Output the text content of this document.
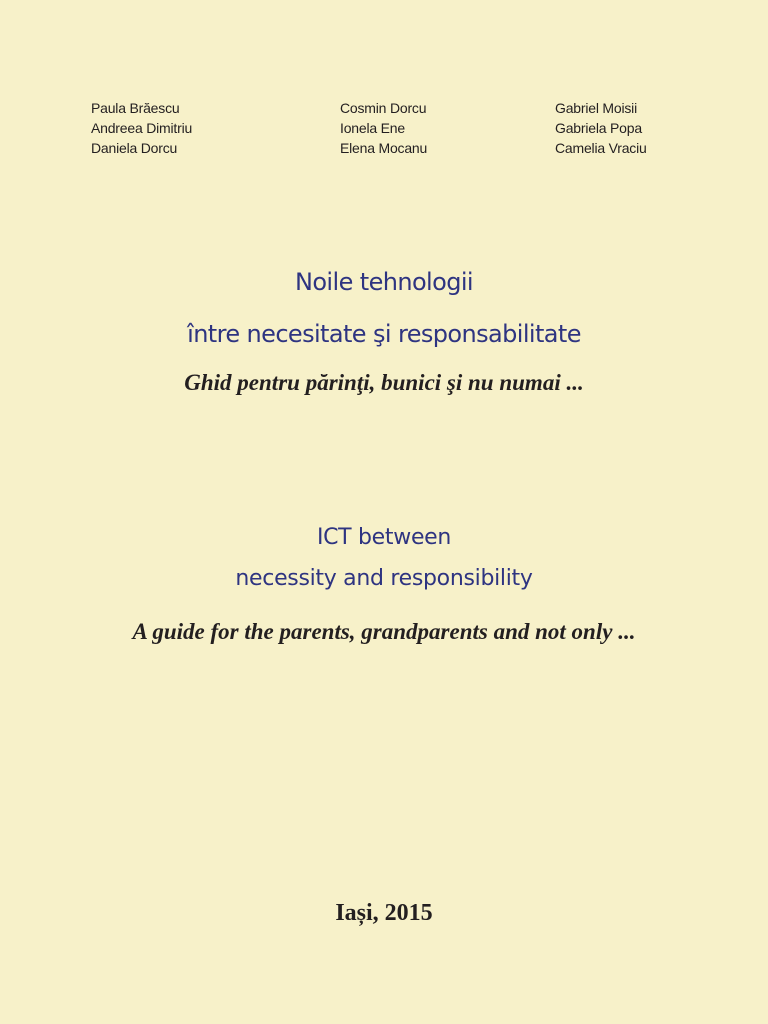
Paula Brăescu
Andreea Dimitriu
Daniela Dorcu
Cosmin Dorcu
Ionela Ene
Elena Mocanu
Gabriel Moisii
Gabriela Popa
Camelia Vraciu
Noile tehnologii
între necesitate şi responsabilitate
Ghid pentru părinţi, bunici şi nu numai ...
ICT between
necessity and responsibility
A guide for the parents, grandparents and not only ...
Iași, 2015
